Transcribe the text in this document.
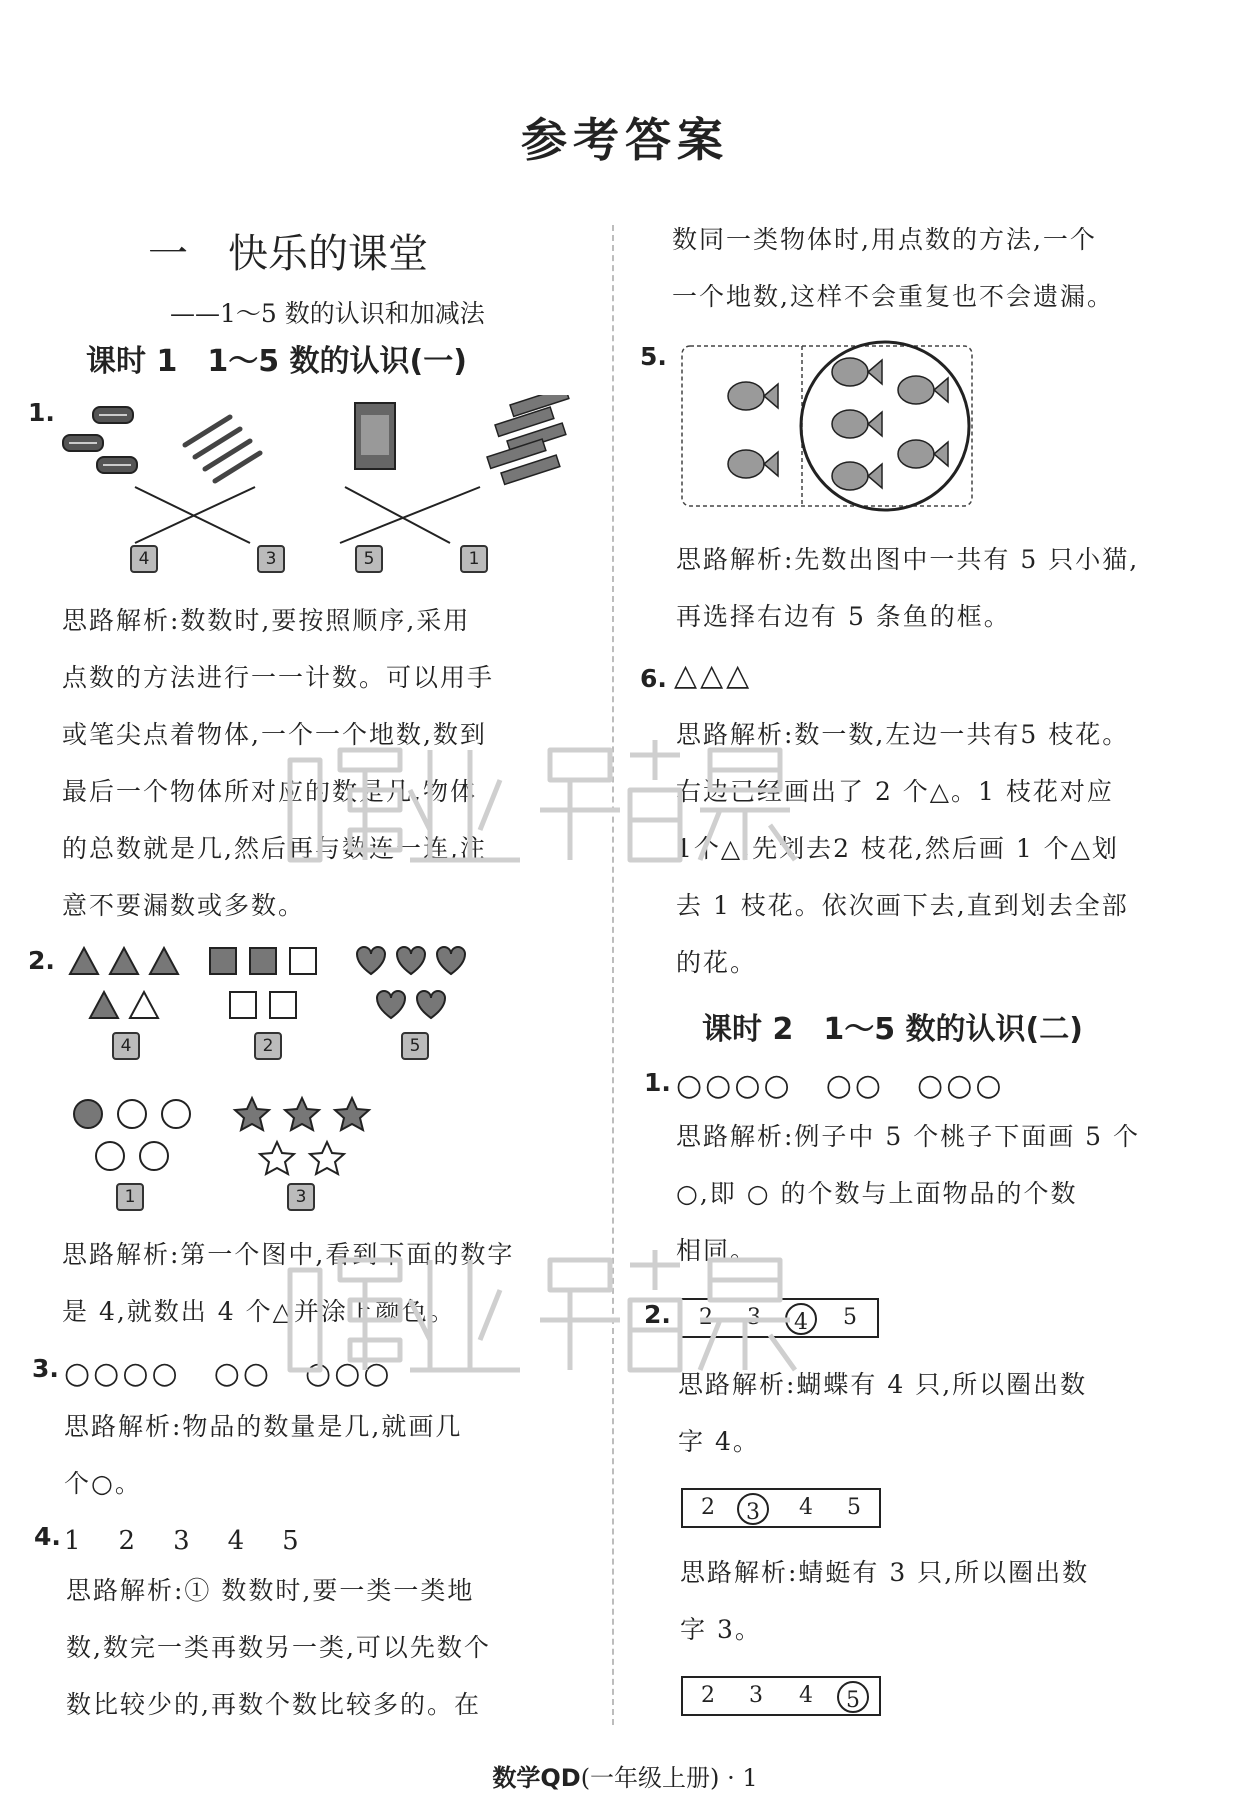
参考答案
一　快乐的课堂
——1～5 数的认识和加减法
课时 1　1～5 数的认识(一)
1.
4	3	5	1
思路解析:数数时,要按照顺序,采用
点数的方法进行一一计数。可以用手
或笔尖点着物体,一个一个地数,数到
最后一个物体所对应的数是几,物体
的总数就是几,然后再与数连一连,注
意不要漏数或多数。
2.
4	2	5
1	3
思路解析:第一个图中,看到下面的数字
是 4,就数出 4 个△并涂上颜色。
3. ○○○○　○○　○○○
思路解析:物品的数量是几,就画几
个○。
4. 1　2　3　4　5
思路解析:① 数数时,要一类一类地
数,数完一类再数另一类,可以先数个
数比较少的,再数个数比较多的。在
数同一类物体时,用点数的方法,一个
一个地数,这样不会重复也不会遗漏。
5.
思路解析:先数出图中一共有 5 只小猫,
再选择右边有 5 条鱼的框。
6. △△△
思路解析:数一数,左边一共有5 枝花。
右边已经画出了 2 个△。1 枝花对应
1个△,先划去2 枝花,然后画 1 个△划
去 1 枝花。依次画下去,直到划去全部
的花。
课时 2　1～5 数的认识(二)
1. ○○○○　○○　○○○
思路解析:例子中 5 个桃子下面画 5 个
○,即 ○ 的个数与上面物品的个数
相同。
2. 2 3	4	5
思路解析:蝴蝶有 4 只,所以圈出数
字 4。
2	3	4 5
思路解析:蜻蜓有 3 只,所以圈出数
字 3。
2 3 4	5
数学QD(一年级上册) · 1
